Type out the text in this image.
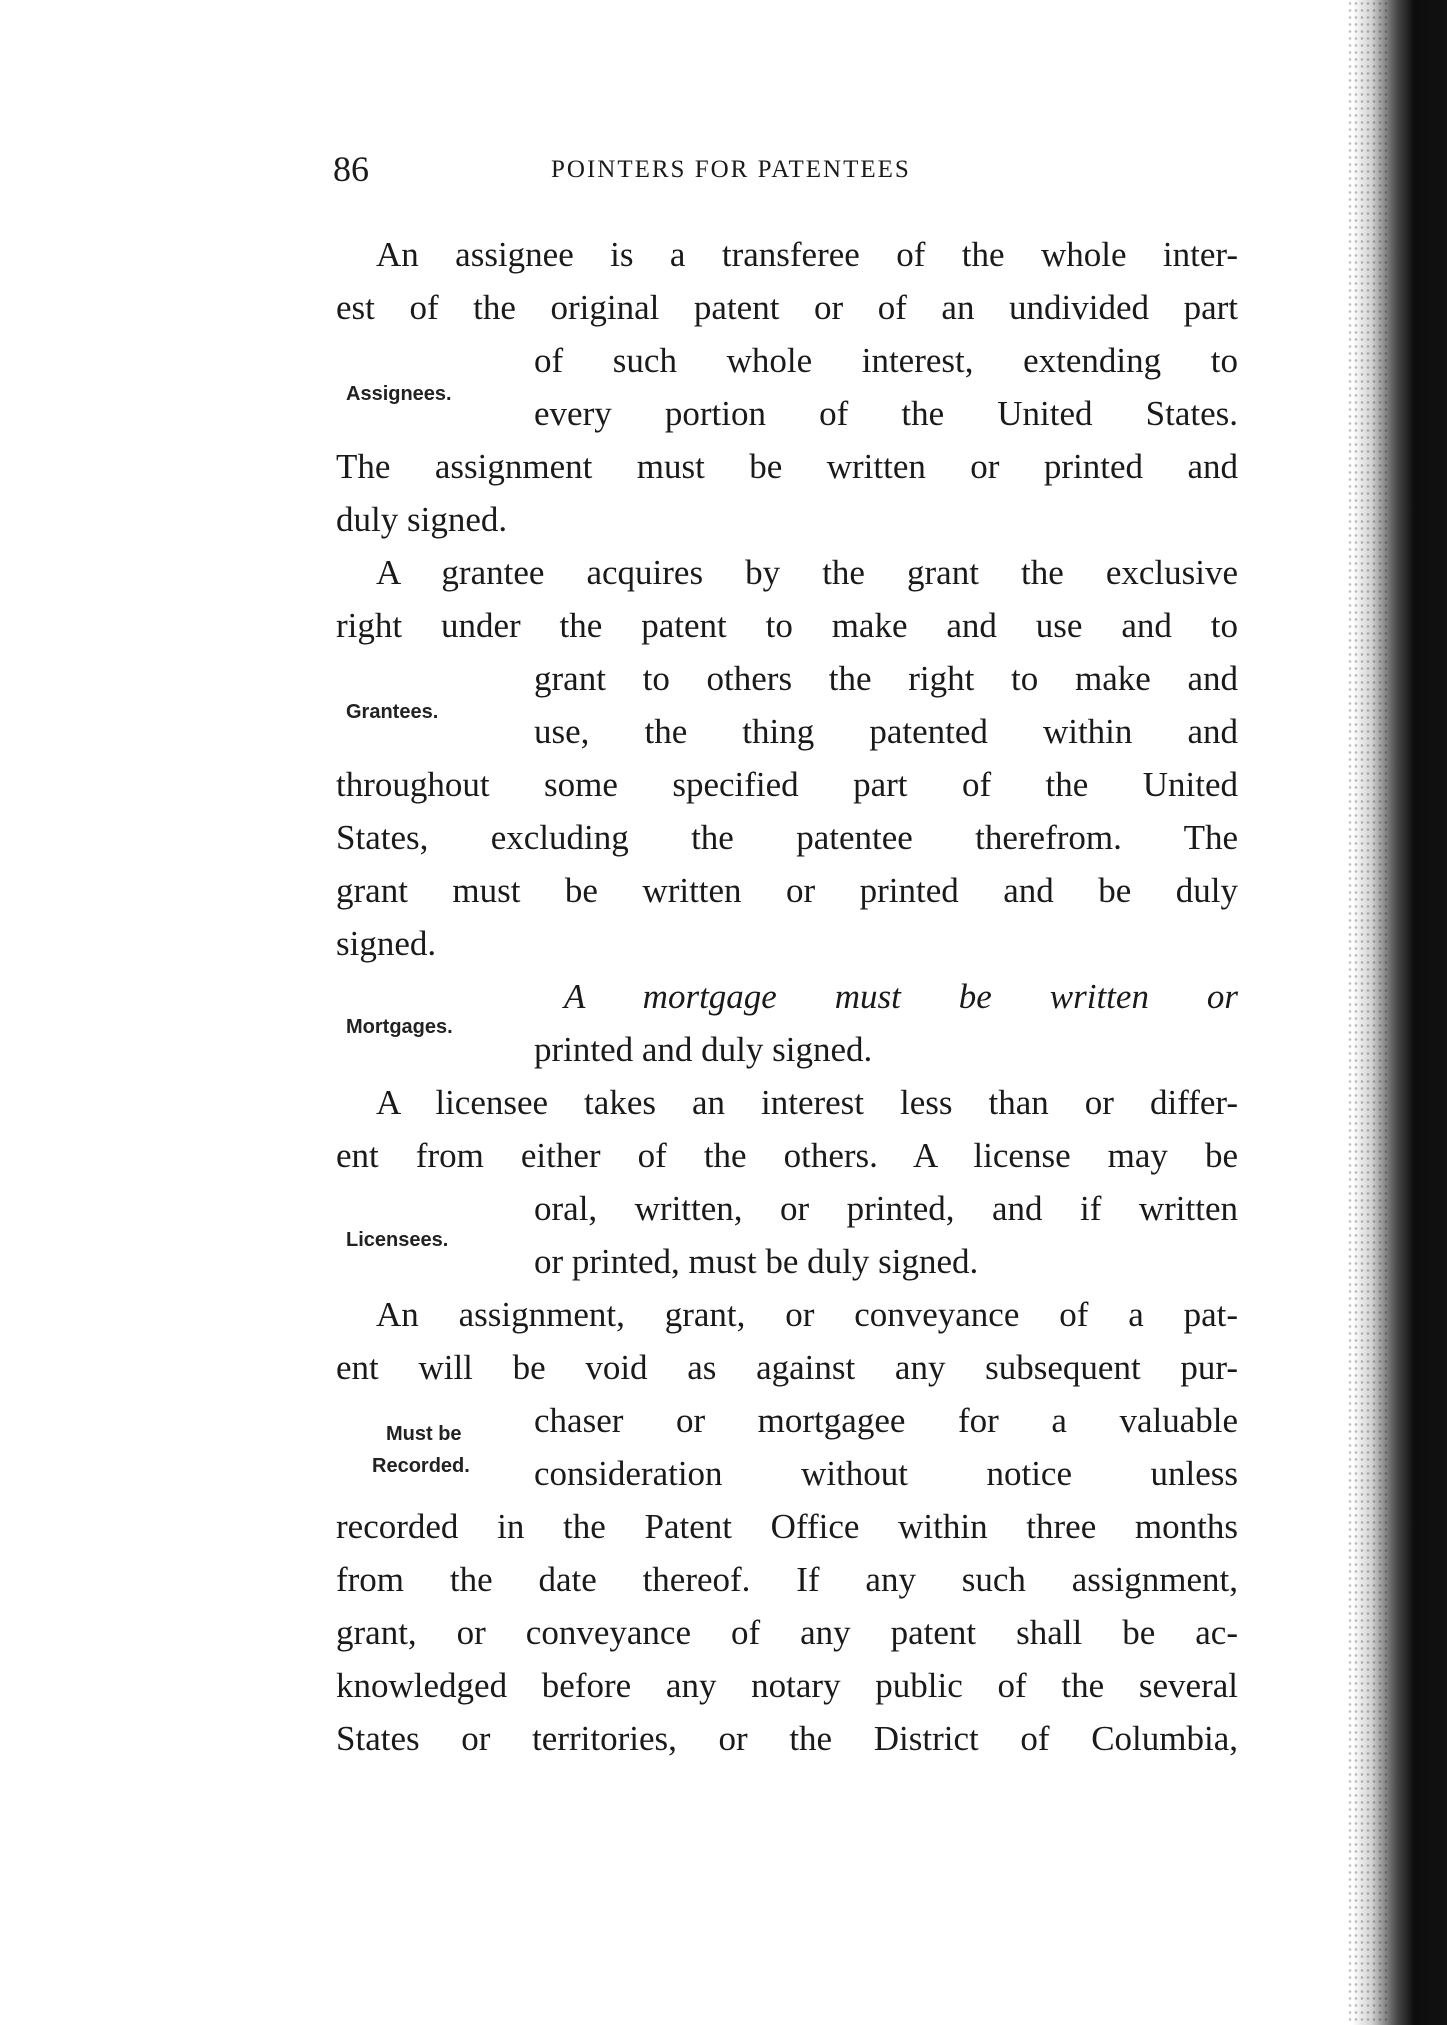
86	POINTERS FOR PATENTEES
Assignees.
Grantees.
Mortgages.
Licensees.
Must be
Recorded.
An assignee is a transferee of the whole inter-
est of the original patent or of an undivided part
of such whole interest, extending to
every portion of the United States.
The assignment must be written or printed and
duly signed.
A grantee acquires by the grant the exclusive
right under the patent to make and use and to
grant to others the right to make and
use, the thing patented within and
throughout some specified part of the United
States, excluding the patentee therefrom. The
grant must be written or printed and be duly
signed.
A mortgage must be written or
printed and duly signed.
A licensee takes an interest less than or differ-
ent from either of the others. A license may be
oral, written, or printed, and if written
or printed, must be duly signed.
An assignment, grant, or conveyance of a pat-
ent will be void as against any subsequent pur-
chaser or mortgagee for a valuable
consideration without notice unless
recorded in the Patent Office within three months
from the date thereof. If any such assignment,
grant, or conveyance of any patent shall be ac-
knowledged before any notary public of the several
States or territories, or the District of Columbia,
